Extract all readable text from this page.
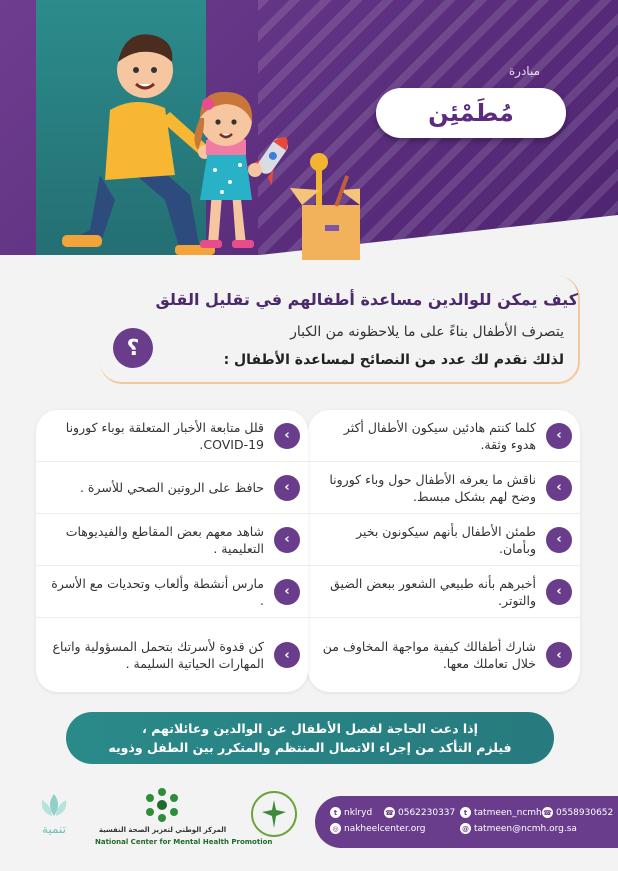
مبادرة
مُطَمْئِن
كيف يمكن للوالدين مساعدة أطفالهم في تقليل القلق
يتصرف الأطفال بناءً على ما يلاحظونه من الكبار
لذلك نقدم لك عدد من النصائح لمساعدة الأطفال :
؟
‹
كلما كنتم هادئين سيكون الأطفال أكثر هدوء وثقة.
‹
ناقش ما يعرفه الأطفال حول وباء كورونا وضح لهم بشكل مبسط.
‹
طمئن الأطفال بأنهم سيكونون بخير وبأمان.
‹
أخبرهم بأنه طبيعي الشعور ببعض الضيق والتوتر.
‹
شارك أطفالك كيفية مواجهة المخاوف من خلال تعاملك معها.
‹
قلل متابعة الأخبار المتعلقة بوباء كورونا COVID-19.
‹
حافظ على الروتين الصحي للأسرة .
‹
شاهد معهم بعض المقاطع والفيديوهات التعليمية .
‹
مارس أنشطة وألعاب وتحديات مع الأسرة .
‹
كن قدوة لأسرتك بتحمل المسؤولية واتباع المهارات الحياتية السليمة .
إذا دعت الحاجة لفصل الأطفال عن الوالدين وعائلاتهم ،
فيلزم التأكد من إجراء الاتصال المنتظم والمتكرر بين الطفل وذويه
المركز الوطني لتعزيز الصحة النفسية
National Center for Mental Health Promotion
تنمية
t tatmeen_ncmh ☎ 0558930652
@ tatmeen@ncmh.org.sa
t nklryd ☎ 0562230337
◎ nakheelcenter.org
